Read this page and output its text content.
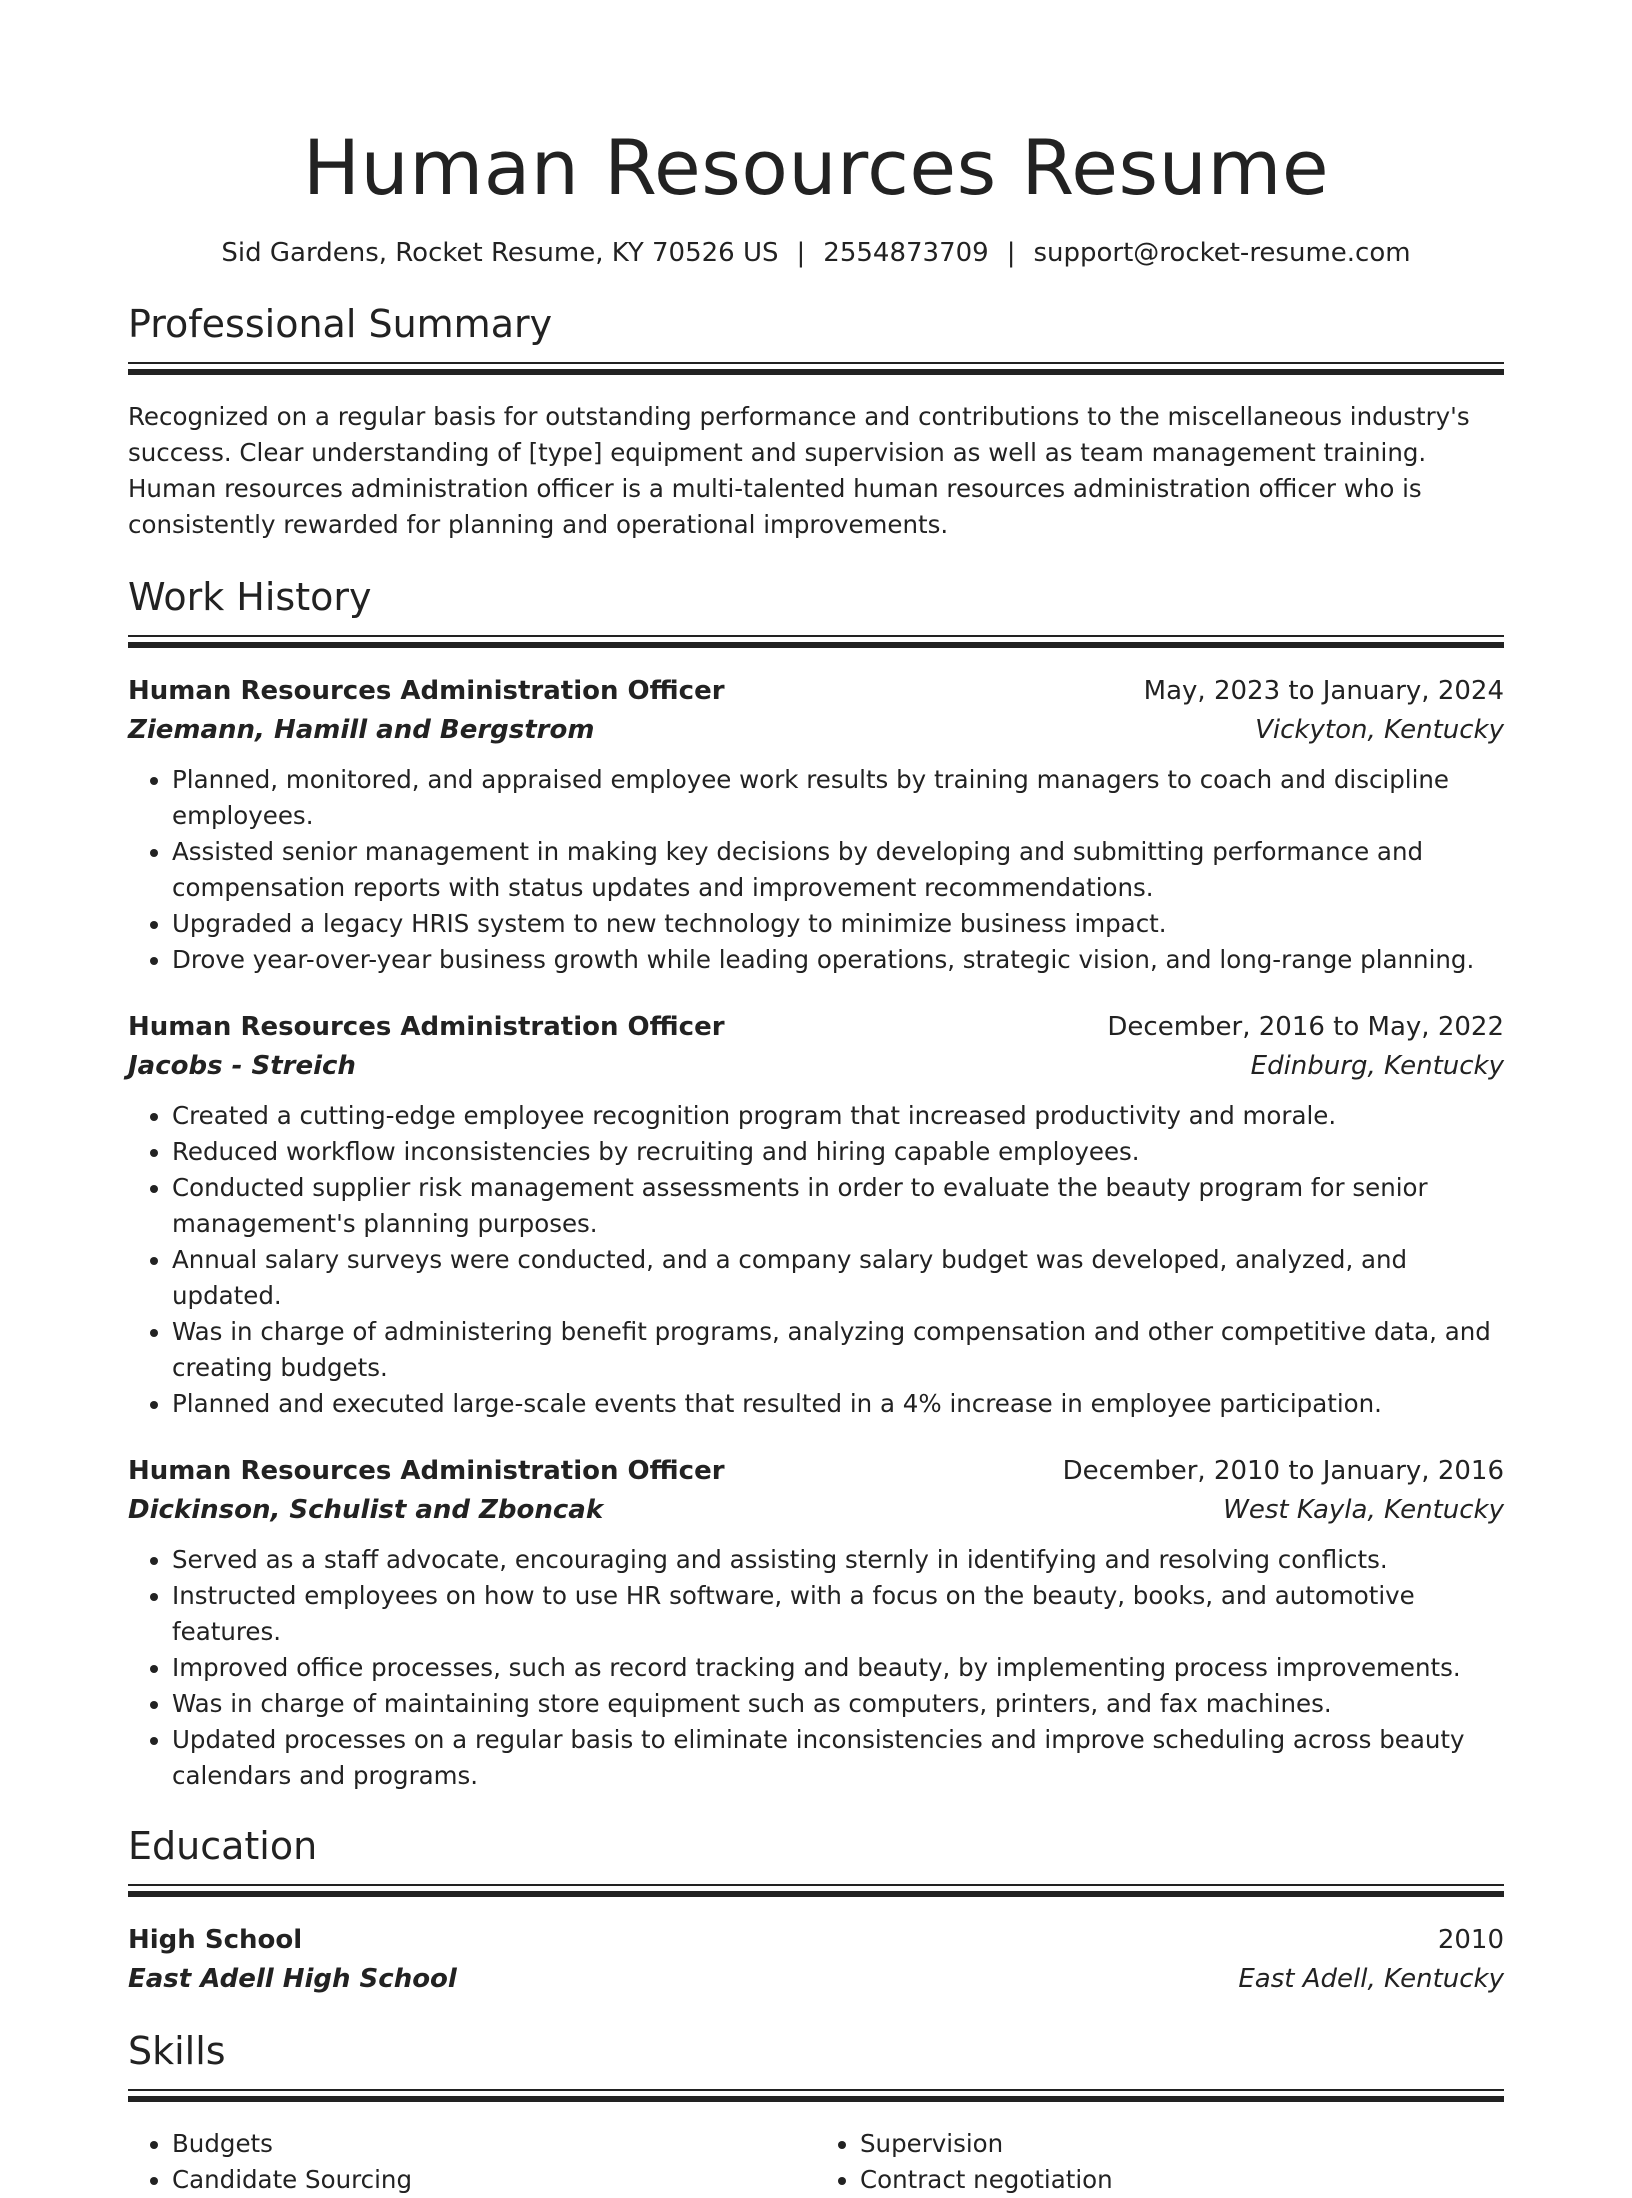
Human Resources Resume
Sid Gardens, Rocket Resume, KY 70526 US | 2554873709 | support@rocket-resume.com
Professional Summary

Recognized on a regular basis for outstanding performance and contributions to the miscellaneous industry's success. Clear understanding of [type] equipment and supervision as well as team management training. Human resources administration officer is a multi-talented human resources administration officer who is consistently rewarded for planning and operational improvements.

Work History
Human Resources Administration Officer	May, 2023 to January, 2024
Ziemann, Hamill and Bergstrom	Vickyton, Kentucky
• Planned, monitored, and appraised employee work results by training managers to coach and discipline employees.
• Assisted senior management in making key decisions by developing and submitting performance and compensation reports with status updates and improvement recommendations.
• Upgraded a legacy HRIS system to new technology to minimize business impact.
• Drove year-over-year business growth while leading operations, strategic vision, and long-range planning.
Human Resources Administration Officer	December, 2016 to May, 2022
Jacobs - Streich	Edinburg, Kentucky
• Created a cutting-edge employee recognition program that increased productivity and morale.
• Reduced workflow inconsistencies by recruiting and hiring capable employees.
• Conducted supplier risk management assessments in order to evaluate the beauty program for senior management's planning purposes.
• Annual salary surveys were conducted, and a company salary budget was developed, analyzed, and updated.
• Was in charge of administering benefit programs, analyzing compensation and other competitive data, and creating budgets.
• Planned and executed large-scale events that resulted in a 4% increase in employee participation.
Human Resources Administration Officer	December, 2010 to January, 2016
Dickinson, Schulist and Zboncak	West Kayla, Kentucky
• Served as a staff advocate, encouraging and assisting sternly in identifying and resolving conflicts.
• Instructed employees on how to use HR software, with a focus on the beauty, books, and automotive features.
• Improved office processes, such as record tracking and beauty, by implementing process improvements.
• Was in charge of maintaining store equipment such as computers, printers, and fax machines.
• Updated processes on a regular basis to eliminate inconsistencies and improve scheduling across beauty calendars and programs.
Education
High School	2010
East Adell High School	East Adell, Kentucky
Skills
• Budgets
• Candidate Sourcing
• Supervision
• Contract negotiation
